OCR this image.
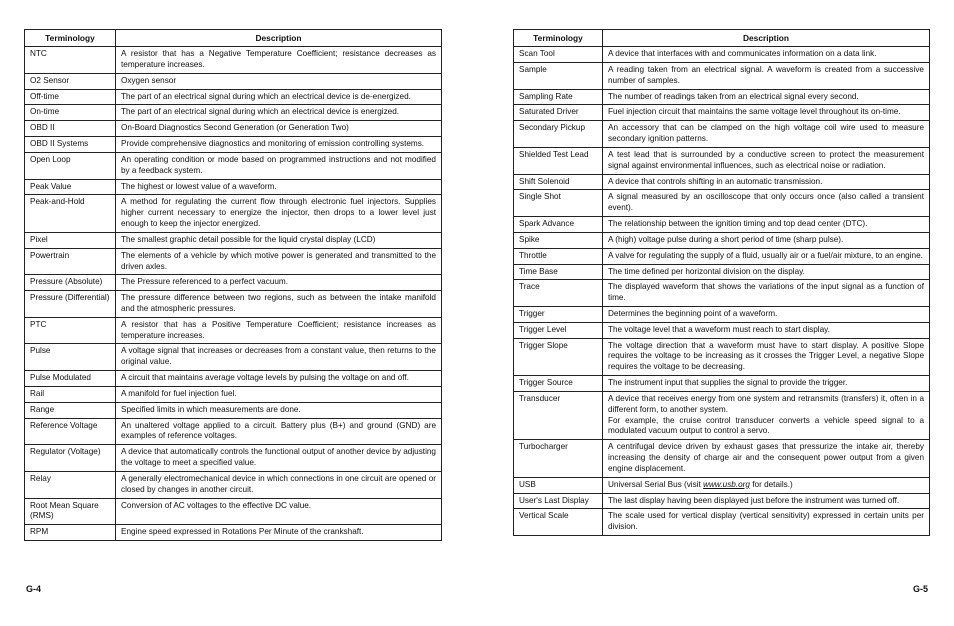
Terminology	Description
NTC	A resistor that has a Negative Temperature Coefficient; resistance decreases as temperature increases.

O2 Sensor	Oxygen sensor

Off-time	The part of an electrical signal during which an electrical device is de-energized.

On-time	The part of an electrical signal during which an electrical device is energized.

OBD II	On-Board Diagnostics Second Generation (or Generation Two)

OBD II Systems	Provide comprehensive diagnostics and monitoring of emission controlling systems.

Open Loop	An operating condition or mode based on programmed instructions and not modified by a feedback system.

Peak Value	The highest or lowest value of a waveform.

Peak-and-Hold	A method for regulating the current flow through electronic fuel injectors. Supplies higher current necessary to energize the injector, then drops to a lower level just enough to keep the injector energized.

Pixel	The smallest graphic detail possible for the liquid crystal display (LCD)

Powertrain	The elements of a vehicle by which motive power is generated and transmitted to the driven axles.

Pressure (Absolute)	The Pressure referenced to a perfect vacuum.

Pressure (Differential)	The pressure difference between two regions, such as between the intake manifold and the atmospheric pressures.

PTC	A resistor that has a Positive Temperature Coefficient; resistance increases as temperature increases.

Pulse	A voltage signal that increases or decreases from a constant value, then returns to the original value.

Pulse Modulated	A circuit that maintains average voltage levels by pulsing the voltage on and off.

Rail	A manifold for fuel injection fuel.

Range	Specified limits in which measurements are done.

Reference Voltage	An unaltered voltage applied to a circuit. Battery plus (B+) and ground (GND) are examples of reference voltages.

Regulator (Voltage)	A device that automatically controls the functional output of another device by adjusting the voltage to meet a specified value.

Relay	A generally electromechanical device in which connections in one circuit are opened or closed by changes in another circuit.

Root Mean Square (RMS)	Conversion of AC voltages to the effective DC value.

RPM	Engine speed expressed in Rotations Per Minute of the crankshaft.
Terminology	Description
Scan Tool	A device that interfaces with and communicates information on a data link.

Sample	A reading taken from an electrical signal. A waveform is created from a successive number of samples.

Sampling Rate	The number of readings taken from an electrical signal every second.

Saturated Driver	Fuel injection circuit that maintains the same voltage level throughout its on-time.

Secondary Pickup	An accessory that can be clamped on the high voltage coil wire used to measure secondary ignition patterns.

Shielded Test Lead	A test lead that is surrounded by a conductive screen to protect the measurement signal against environmental influences, such as electrical noise or radiation.

Shift Solenoid	A device that controls shifting in an automatic transmission.

Single Shot	A signal measured by an oscilloscope that only occurs once (also called a transient event).

Spark Advance	The relationship between the ignition timing and top dead center (DTC).

Spike	A (high) voltage pulse during a short period of time (sharp pulse).

Throttle	A valve for regulating the supply of a fluid, usually air or a fuel/air mixture, to an engine.

Time Base	The time defined per horizontal division on the display.

Trace	The displayed waveform that shows the variations of the input signal as a function of time.

Trigger	Determines the beginning point of a waveform.

Trigger Level	The voltage level that a waveform must reach to start display.

Trigger Slope	The voltage direction that a waveform must have to start display. A positive Slope requires the voltage to be increasing as it crosses the Trigger Level, a negative Slope requires the voltage to be decreasing.

Trigger Source	The instrument input that supplies the signal to provide the trigger.

Transducer	A device that receives energy from one system and retransmits (transfers) it, often in a different form, to another system.
For example, the cruise control transducer converts a vehicle speed signal to a modulated vacuum output to control a servo.

Turbocharger	A centrifugal device driven by exhaust gases that pressurize the intake air, thereby increasing the density of charge air and the consequent power output from a given engine displacement.

USB	Universal Serial Bus (visit www.usb.org for details.)
User's Last Display	The last display having been displayed just before the instrument was turned off.

Vertical Scale	The scale used for vertical display (vertical sensitivity) expressed in certain units per division.
G-4	G-5
